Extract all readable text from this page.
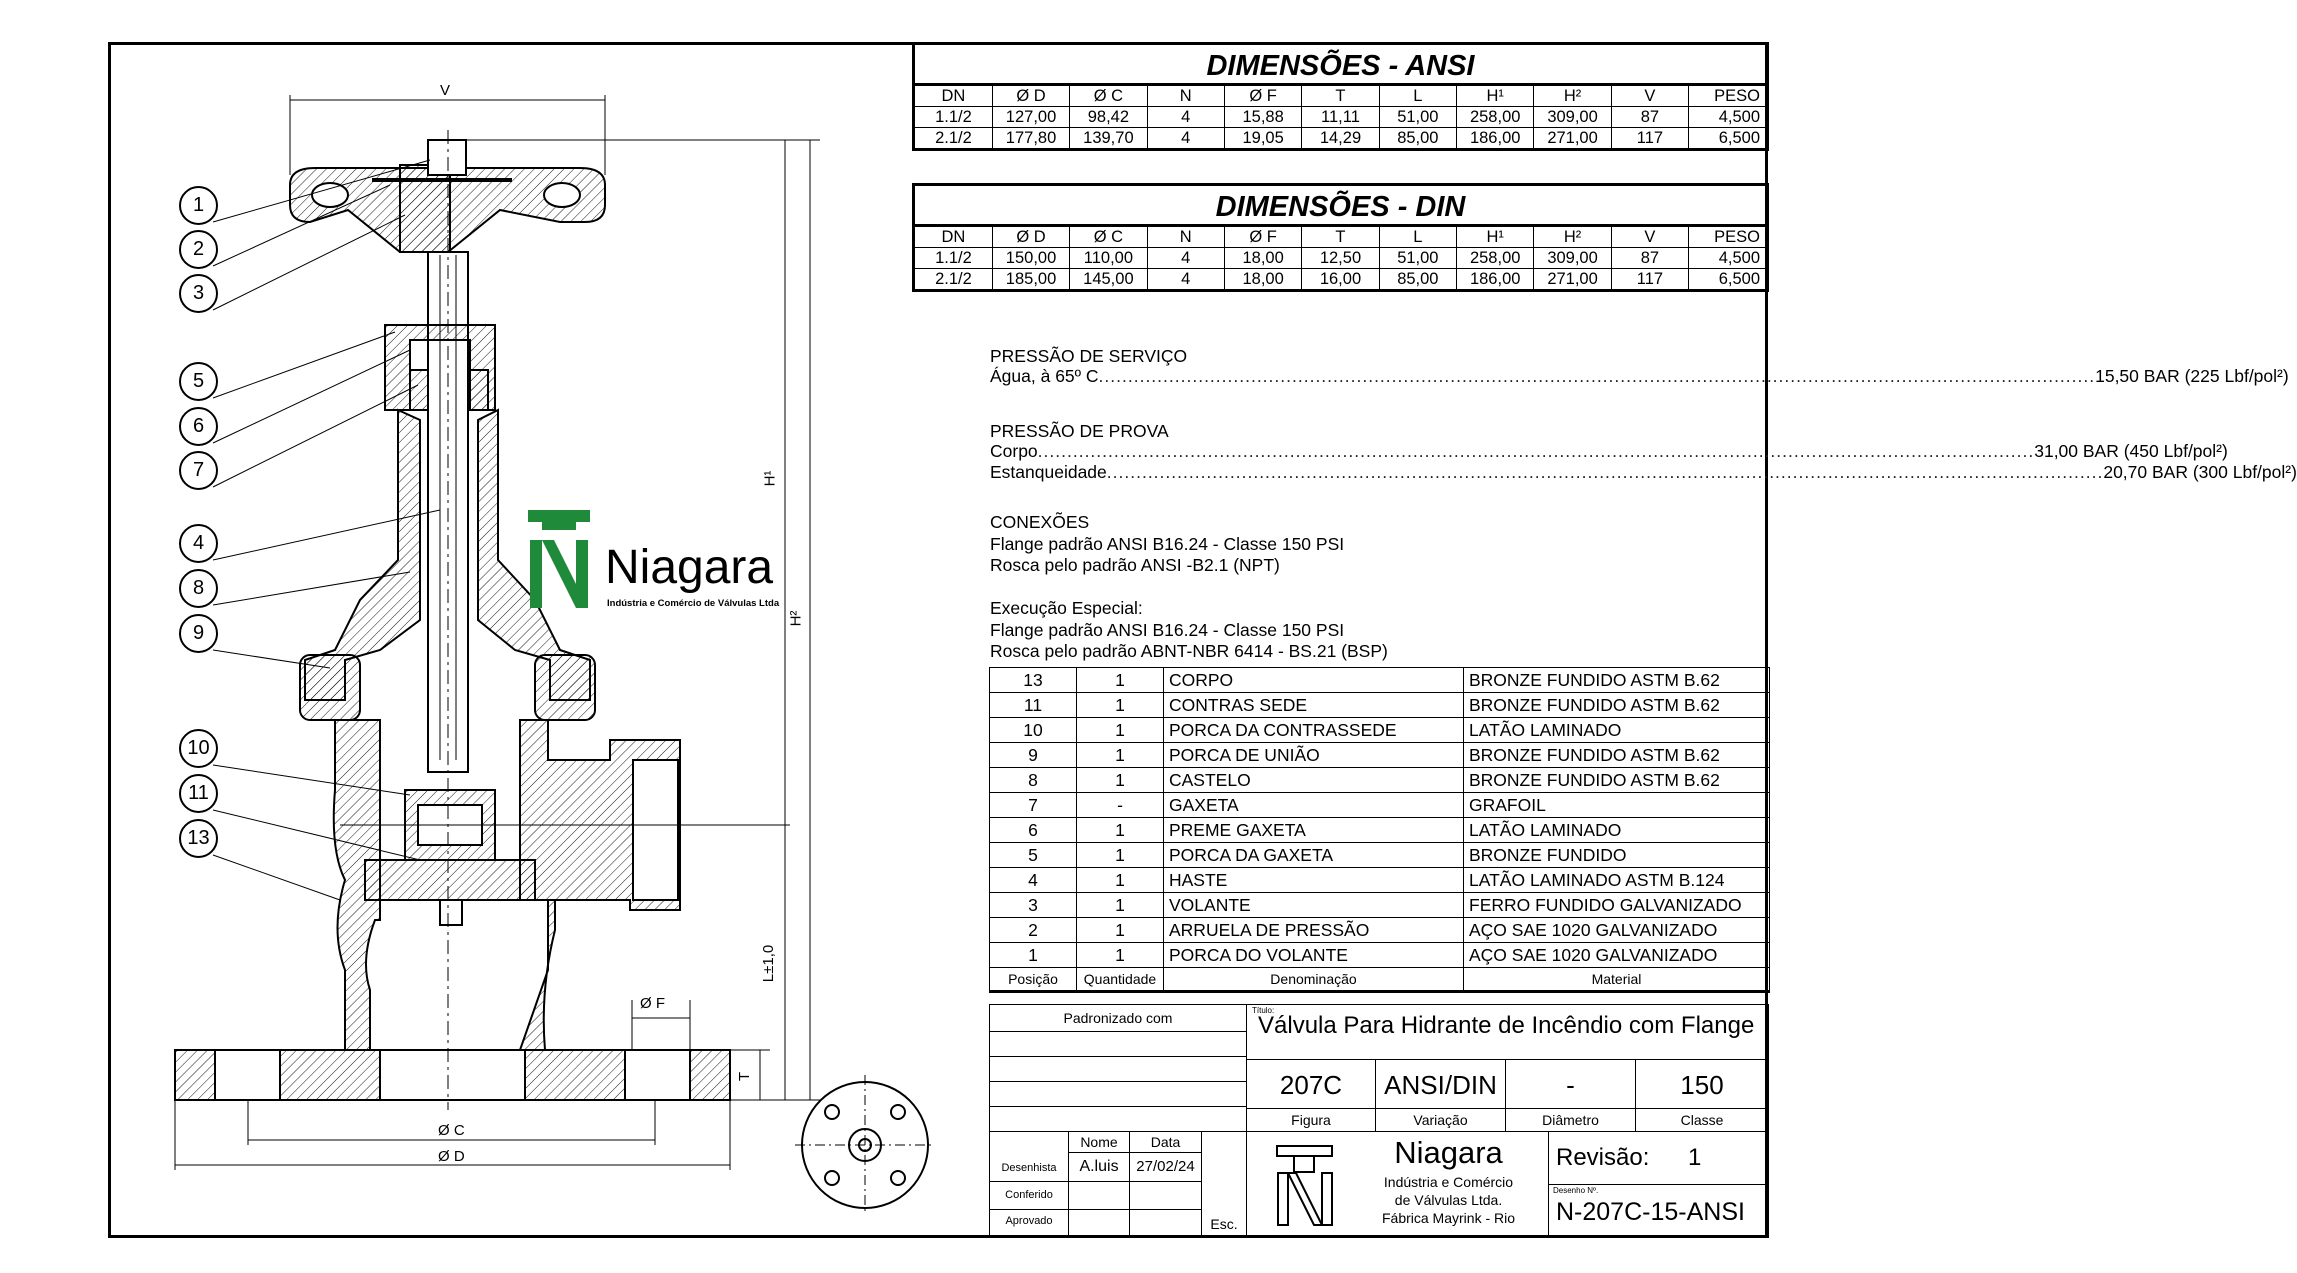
1
2
3
5
6
7
4
8
9
10
11
13
V
H¹
H²
L±1,0
Ø F
T
Ø C
Ø D
Niagara
Indústria e Comércio de Válvulas Ltda
DIMENSÕES - ANSI
DN	Ø D	Ø C	N	Ø F	T	L	H¹	H²	V	PESO
1.1/2	127,00	98,42	4	15,88	11,11	51,00	258,00	309,00	87	4,500
2.1/2	177,80	139,70	4	19,05	14,29	85,00	186,00	271,00	117	6,500
DIMENSÕES - DIN
DN	Ø D	Ø C	N	Ø F	T	L	H¹	H²	V	PESO
1.1/2	150,00	110,00	4	18,00	12,50	51,00	258,00	309,00	87	4,500
2.1/2	185,00	145,00	4	18,00	16,00	85,00	186,00	271,00	117	6,500
PRESSÃO DE SERVIÇO
Água, à 65º C .......................................................................................................................................................................... 15,50 BAR (225 Lbf/pol²)
PRESSÃO DE PROVA
Corpo .......................................................................................................................................................................... 31,00 BAR (450 Lbf/pol²)
Estanqueidade .......................................................................................................................................................................... 20,70 BAR (300 Lbf/pol²)
CONEXÕES
Flange padrão ANSI B16.24 - Classe 150 PSI
Rosca pelo padrão ANSI -B2.1 (NPT)
Execução Especial:
Flange padrão ANSI B16.24 - Classe 150 PSI
Rosca pelo padrão ABNT-NBR 6414 - BS.21 (BSP)
13	1	CORPO	BRONZE FUNDIDO ASTM B.62
11	1	CONTRAS SEDE	BRONZE FUNDIDO ASTM B.62
10	1	PORCA DA CONTRASSEDE	LATÃO LAMINADO
9	1	PORCA DE UNIÃO	BRONZE FUNDIDO ASTM B.62
8	1	CASTELO	BRONZE FUNDIDO ASTM B.62
7	-	GAXETA	GRAFOIL
6	1	PREME GAXETA	LATÃO LAMINADO
5	1	PORCA DA GAXETA	BRONZE FUNDIDO
4	1	HASTE	LATÃO LAMINADO ASTM B.124
3	1	VOLANTE	FERRO FUNDIDO GALVANIZADO
2	1	ARRUELA DE PRESSÃO	AÇO SAE 1020 GALVANIZADO
1	1	PORCA DO VOLANTE	AÇO SAE 1020 GALVANIZADO
Posição	Quantidade	Denominação	Material
Padronizado com	Título:
Válvula Para Hidrante de Incêndio com Flange
207C	ANSI/DIN	-	150
Figura	Variação	Diâmetro	Classe
Nome	Data
Desenhista	A.luis	27/02/24
Conferido
Aprovado	Esc.
Niagara
Indústria e Comércio
de Válvulas Ltda.
Fábrica Mayrink - Rio
Revisão: 1
Desenho Nº.
N-207C-15-ANSI
